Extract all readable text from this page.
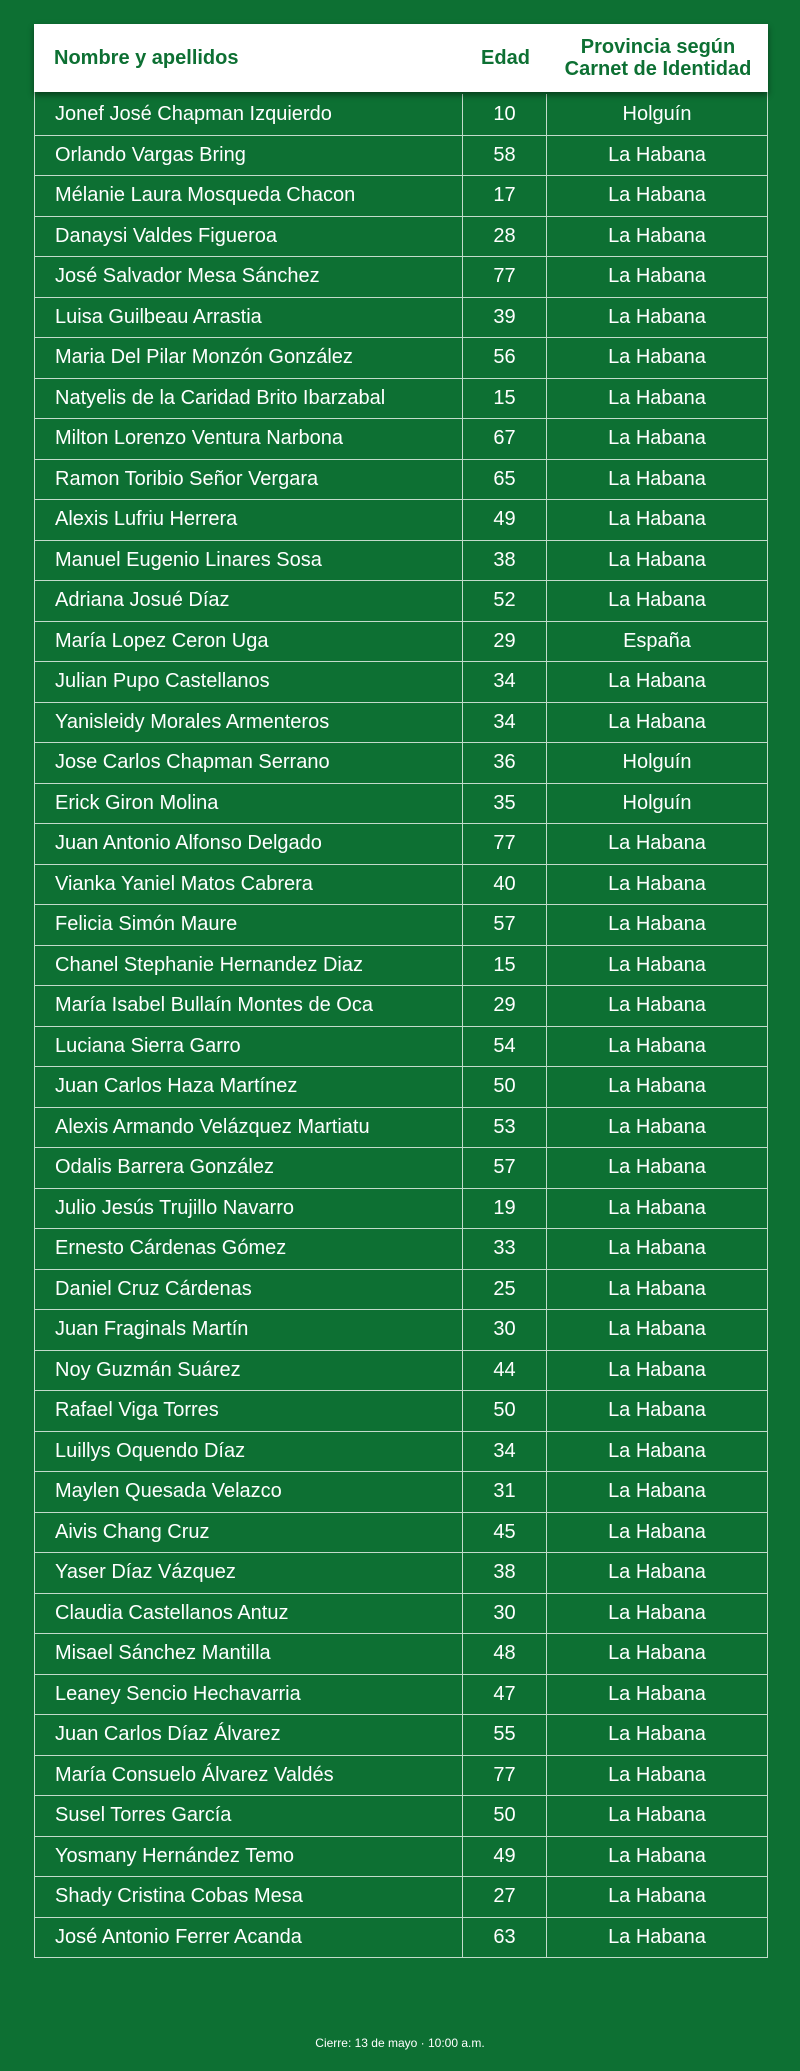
Nombre y apellidos	Edad	Provincia según
Carnet de Identidad
Jonef José Chapman Izquierdo	10	Holguín
Orlando Vargas Bring	58	La Habana
Mélanie Laura Mosqueda Chacon	17	La Habana
Danaysi Valdes Figueroa	28	La Habana
José Salvador Mesa Sánchez	77	La Habana
Luisa Guilbeau Arrastia	39	La Habana
Maria Del Pilar Monzón González	56	La Habana
Natyelis de la Caridad Brito Ibarzabal	15	La Habana
Milton Lorenzo Ventura Narbona	67	La Habana
Ramon Toribio Señor Vergara	65	La Habana
Alexis Lufriu Herrera	49	La Habana
Manuel Eugenio Linares Sosa	38	La Habana
Adriana Josué Díaz	52	La Habana
María Lopez Ceron Uga	29	España
Julian Pupo Castellanos	34	La Habana
Yanisleidy Morales Armenteros	34	La Habana
Jose Carlos Chapman Serrano	36	Holguín
Erick Giron Molina	35	Holguín
Juan Antonio Alfonso Delgado	77	La Habana
Vianka Yaniel Matos Cabrera	40	La Habana
Felicia Simón Maure	57	La Habana
Chanel Stephanie Hernandez Diaz	15	La Habana
María Isabel Bullaín Montes de Oca	29	La Habana
Luciana Sierra Garro	54	La Habana
Juan Carlos Haza Martínez	50	La Habana
Alexis Armando Velázquez Martiatu	53	La Habana
Odalis Barrera González	57	La Habana
Julio Jesús Trujillo Navarro	19	La Habana
Ernesto Cárdenas Gómez	33	La Habana
Daniel Cruz Cárdenas	25	La Habana
Juan Fraginals Martín	30	La Habana
Noy Guzmán Suárez	44	La Habana
Rafael Viga Torres	50	La Habana
Luillys Oquendo Díaz	34	La Habana
Maylen Quesada Velazco	31	La Habana
Aivis Chang Cruz	45	La Habana
Yaser Díaz Vázquez	38	La Habana
Claudia Castellanos Antuz	30	La Habana
Misael Sánchez Mantilla	48	La Habana
Leaney Sencio Hechavarria	47	La Habana
Juan Carlos Díaz Álvarez	55	La Habana
María Consuelo Álvarez Valdés	77	La Habana
Susel Torres García	50	La Habana
Yosmany Hernández Temo	49	La Habana
Shady Cristina Cobas Mesa	27	La Habana
José Antonio Ferrer Acanda	63	La Habana
Cierre: 13 de mayo · 10:00 a.m.
